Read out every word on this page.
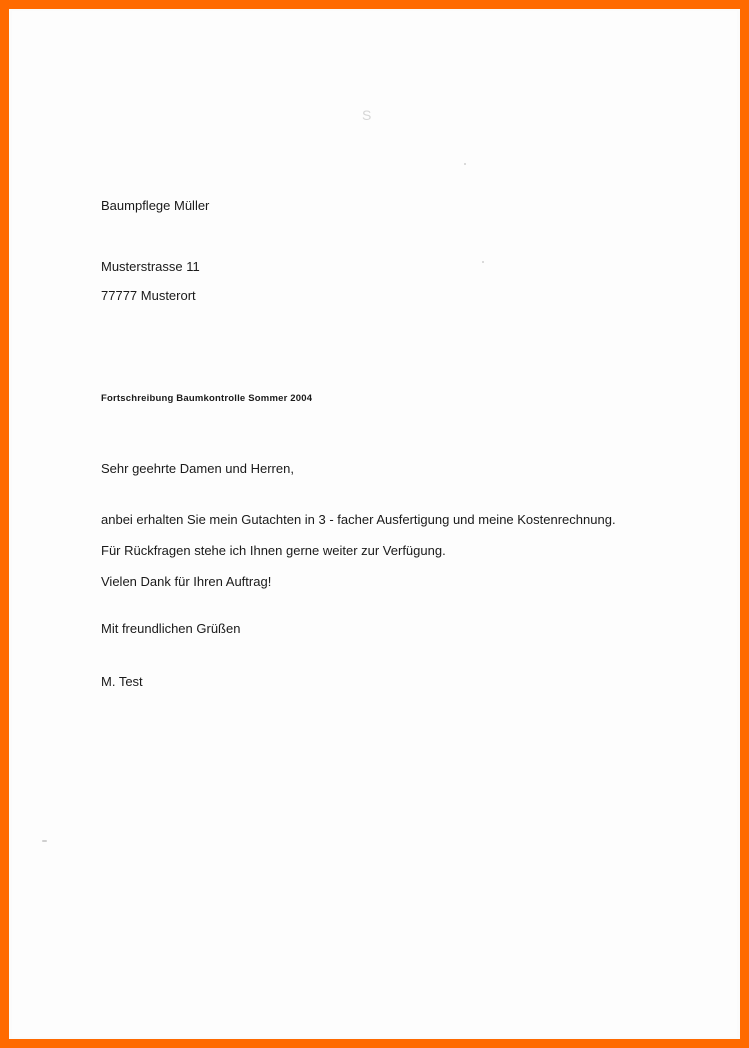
S
Baumpflege Müller
Musterstrasse 11
77777 Musterort
Fortschreibung Baumkontrolle Sommer 2004
Sehr geehrte Damen und Herren,
anbei erhalten Sie mein Gutachten in 3 - facher Ausfertigung und meine Kostenrechnung.
Für Rückfragen stehe ich Ihnen gerne weiter zur Verfügung.
Vielen Dank für Ihren Auftrag!
Mit freundlichen Grüßen
M. Test
